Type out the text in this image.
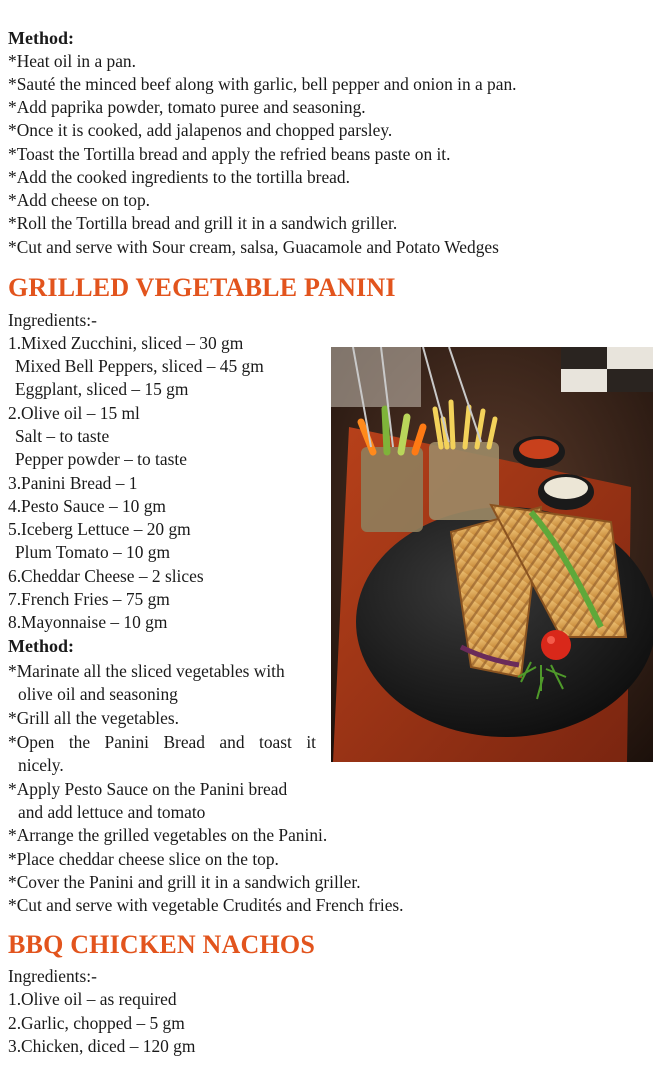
Method:
*Heat oil in a pan.
*Sauté the minced beef along with garlic, bell pepper and onion in a pan.
*Add paprika powder, tomato puree and seasoning.
*Once it is cooked, add jalapenos and chopped parsley.
*Toast the Tortilla bread and apply the refried beans paste on it.
*Add the cooked ingredients to the tortilla bread.
*Add cheese on top.
*Roll the Tortilla bread and grill it in a sandwich griller.
*Cut and serve with Sour cream, salsa, Guacamole and Potato Wedges
GRILLED VEGETABLE PANINI
Ingredients:-
1.Mixed Zucchini, sliced – 30 gm
Mixed Bell Peppers, sliced – 45 gm
Eggplant, sliced – 15 gm
2.Olive oil – 15 ml
Salt – to taste
Pepper powder – to taste
3.Panini Bread – 1
4.Pesto Sauce – 10 gm
5.Iceberg Lettuce – 20 gm
Plum Tomato – 10 gm
6.Cheddar Cheese – 2 slices
7.French Fries – 75 gm
8.Mayonnaise – 10 gm
Method:
*Marinate all the sliced vegetables with
olive oil and seasoning
*Grill all the vegetables.
*Open the Panini Bread and toast it
nicely.
*Apply Pesto Sauce on the Panini bread
and add lettuce and tomato
*Arrange the grilled vegetables on the Panini.
*Place cheddar cheese slice on the top.
*Cover the Panini and grill it in a sandwich griller.
*Cut and serve with vegetable Crudités and French fries.
BBQ CHICKEN NACHOS
Ingredients:-
1.Olive oil – as required
2.Garlic, chopped – 5 gm
3.Chicken, diced – 120 gm
